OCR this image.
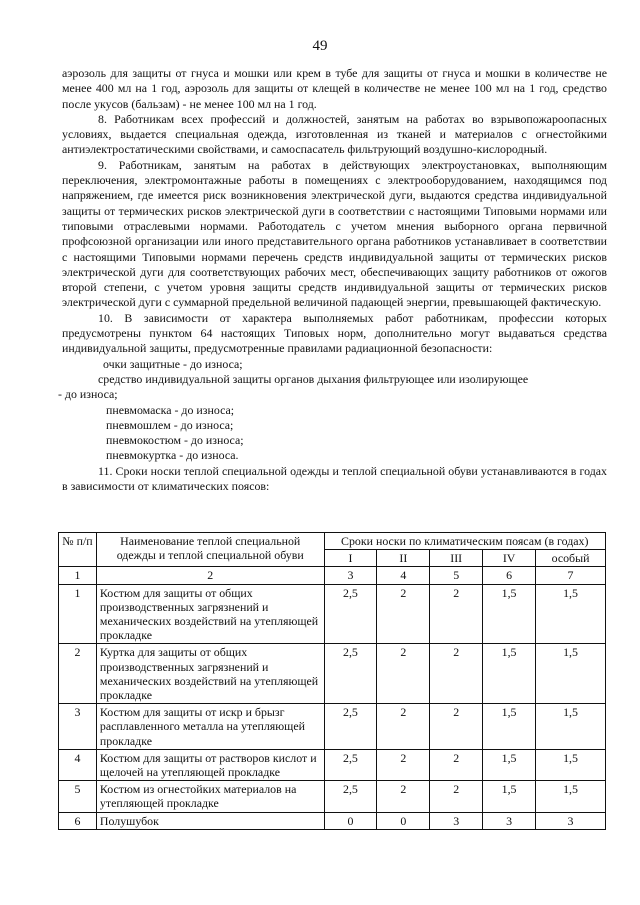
49

аэрозоль для защиты от гнуса и мошки или крем в тубе для защиты от гнуса и мошки в количестве не менее 400 мл на 1 год, аэрозоль для защиты от клещей в количестве не менее 100 мл на 1 год, средство после укусов (бальзам) - не менее 100 мл на 1 год.

8. Работникам всех профессий и должностей, занятым на работах во взрывопожароопасных условиях, выдается специальная одежда, изготовленная из тканей и материалов с огнестойкими антиэлектростатическими свойствами, и самоспасатель фильтрующий воздушно-кислородный.

9. Работникам, занятым на работах в действующих электроустановках, выполняющим переключения, электромонтажные работы в помещениях с электрооборудованием, находящимся под напряжением, где имеется риск возникновения электрической дуги, выдаются средства индивидуальной защиты от термических рисков электрической дуги в соответствии с настоящими Типовыми нормами или типовыми отраслевыми нормами. Работодатель с учетом мнения выборного органа первичной профсоюзной организации или иного представительного органа работников устанавливает в соответствии с настоящими Типовыми нормами перечень средств индивидуальной защиты от термических рисков электрической дуги для соответствующих рабочих мест, обеспечивающих защиту работников от ожогов второй степени, с учетом уровня защиты средств индивидуальной защиты от термических рисков электрической дуги с суммарной предельной величиной падающей энергии, превышающей фактическую.

10. В зависимости от характера выполняемых работ работникам, профессии которых предусмотрены пунктом 64 настоящих Типовых норм, дополнительно могут выдаваться средства индивидуальной защиты, предусмотренные правилами радиационной безопасности:

очки защитные - до износа;

средство индивидуальной защиты органов дыхания фильтрующее или изолирующее

- до износа;

пневмомаска - до износа;

пневмошлем - до износа;

пневмокостюм - до износа;

пневмокуртка - до износа.

11. Сроки носки теплой специальной одежды и теплой специальной обуви устанавливаются в годах в зависимости от климатических поясов:

№ п/п	Наименование теплой специальной одежды и теплой специальной обуви	Сроки носки по климатическим поясам (в годах)				
		I	II	III	IV	особый
1	2	3	4	5	6	7
1	Костюм для защиты от общих производственных загрязнений и механических воздействий на утепляющей прокладке	2,5	2	2	1,5	1,5
2	Куртка для защиты от общих производственных загрязнений и механических воздействий на утепляющей прокладке	2,5	2	2	1,5	1,5
3	Костюм для защиты от искр и брызг расплавленного металла на утепляющей прокладке	2,5	2	2	1,5	1,5
4	Костюм для защиты от растворов кислот и щелочей на утепляющей прокладке	2,5	2	2	1,5	1,5
5	Костюм из огнестойких материалов на утепляющей прокладке	2,5	2	2	1,5	1,5
6	Полушубок	0	0	3	3	3
